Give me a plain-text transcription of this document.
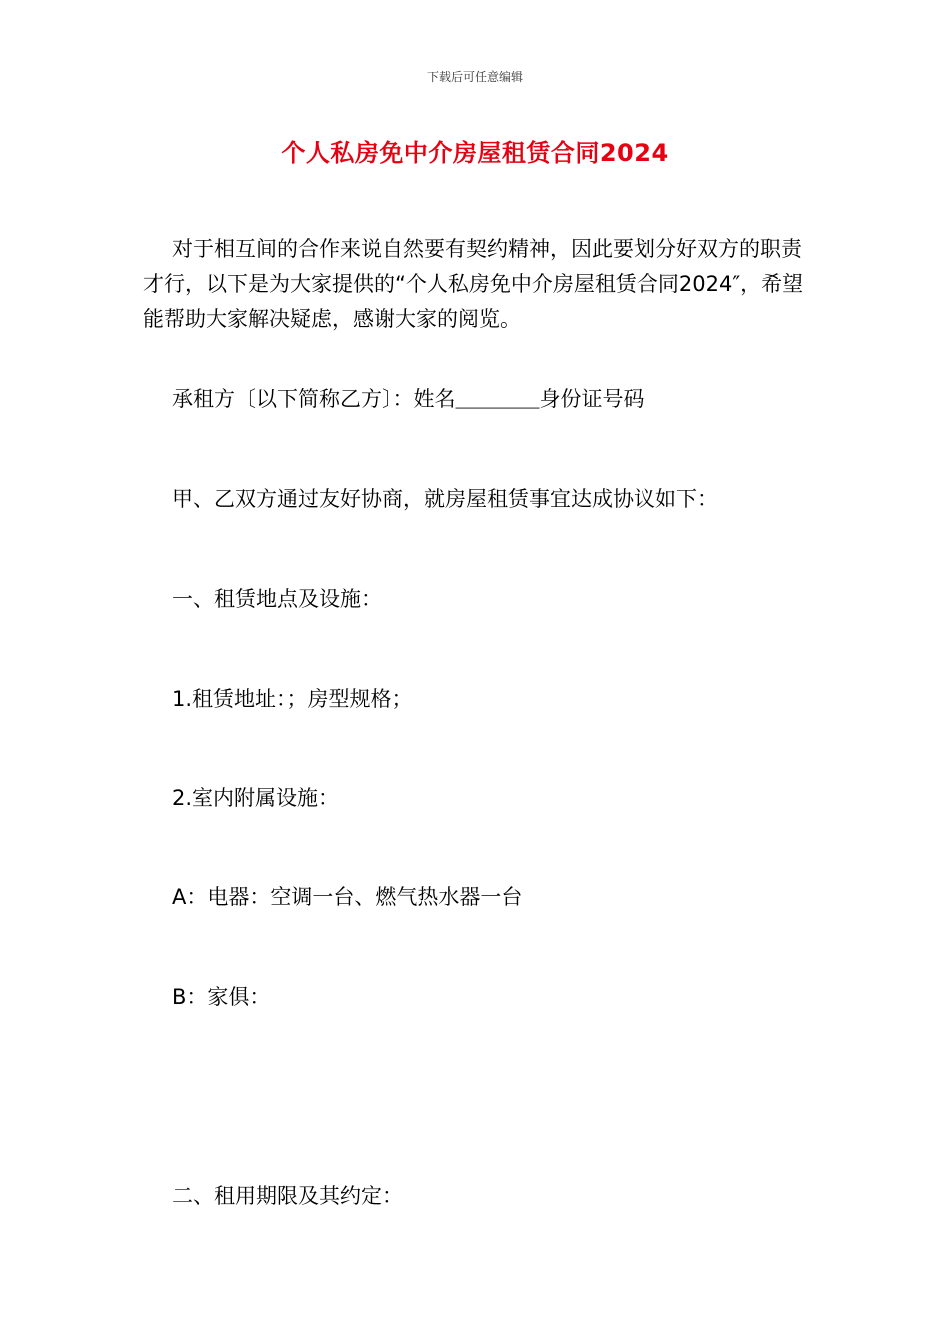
下载后可任意编辑
个人私房免中介房屋租赁合同2024

对于相互间的合作来说自然要有契约精神，因此要划分好双方的职责才行，以下是为大家提供的“个人私房免中介房屋租赁合同2024″，希望能帮助大家解决疑虑，感谢大家的阅览。

承租方〔以下简称乙方〕：姓名＿＿＿＿身份证号码

甲、乙双方通过友好协商，就房屋租赁事宜达成协议如下：

一、租赁地点及设施：

1.租赁地址：；房型规格；

2.室内附属设施：

A：电器：空调一台、燃气热水器一台

B：家俱：

二、租用期限及其约定：
